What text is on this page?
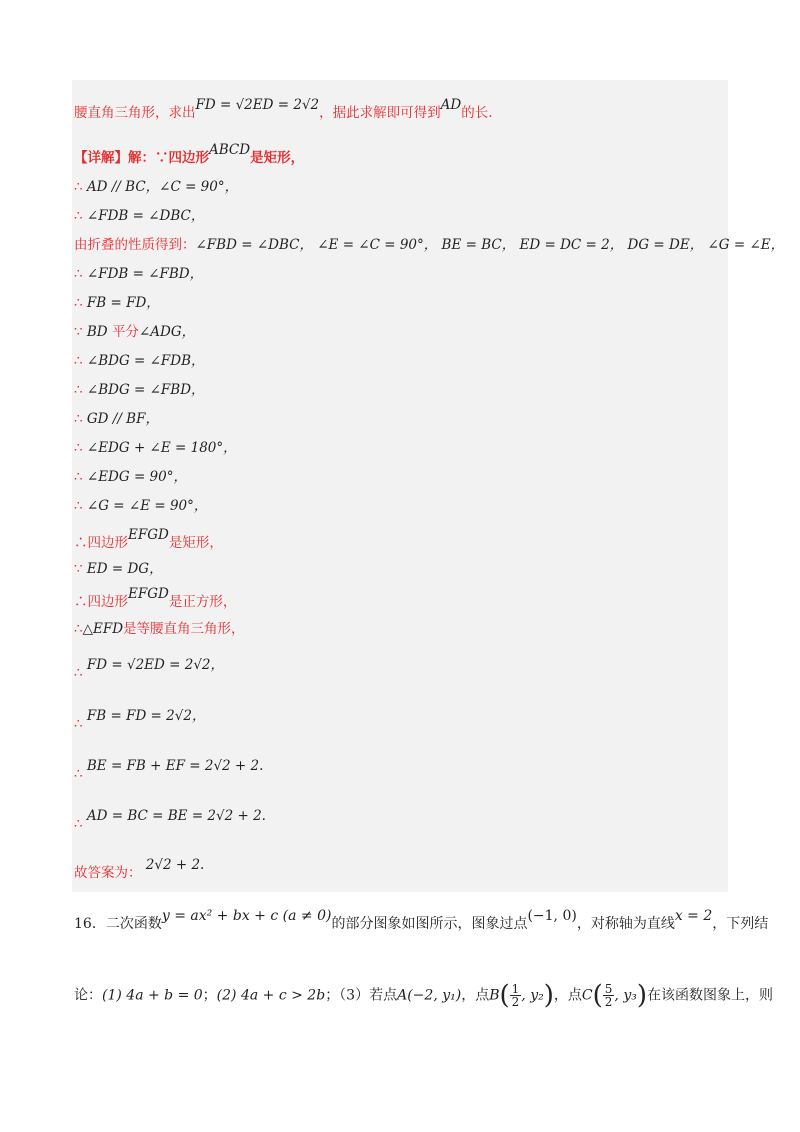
腰直角三角形，求出FD = √2ED = 2√2，据此求解即可得到AD的长.
【详解】解：∵四边形ABCD是矩形，
∴ AD // BC，∠C = 90°，
∴ ∠FDB = ∠DBC，
由折叠的性质得到：∠FBD = ∠DBC， ∠E = ∠C = 90°， BE = BC， ED = DC = 2， DG = DE， ∠G = ∠E，
∴ ∠FDB = ∠FBD，
∴ FB = FD，
∵ BD 平分∠ADG，
∴ ∠BDG = ∠FDB，
∴ ∠BDG = ∠FBD，
∴ GD // BF，
∴ ∠EDG + ∠E = 180°，
∴ ∠EDG = 90°，
∴ ∠G = ∠E = 90°，
∴四边形EFGD是矩形，
∵ ED = DG，
∴四边形EFGD是正方形，
∴△EFD是等腰直角三角形，
∴ FD = √2ED = 2√2，
∴ FB = FD = 2√2，
∴ BE = FB + EF = 2√2 + 2.
∴ AD = BC = BE = 2√2 + 2.
故答案为： 2√2 + 2.
16．二次函数y = ax² + bx + c (a ≠ 0)的部分图象如图所示，图象过点(−1, 0)，对称轴为直线x = 2，下列结
论：(1) 4a + b = 0；(2) 4a + c > 2b；（3）若点A(−2, y₁)，点$B( \frac{1}{2}$ , y₂)，点$C( \frac{5}{2}$ , y₃)在该函数图象上，则
